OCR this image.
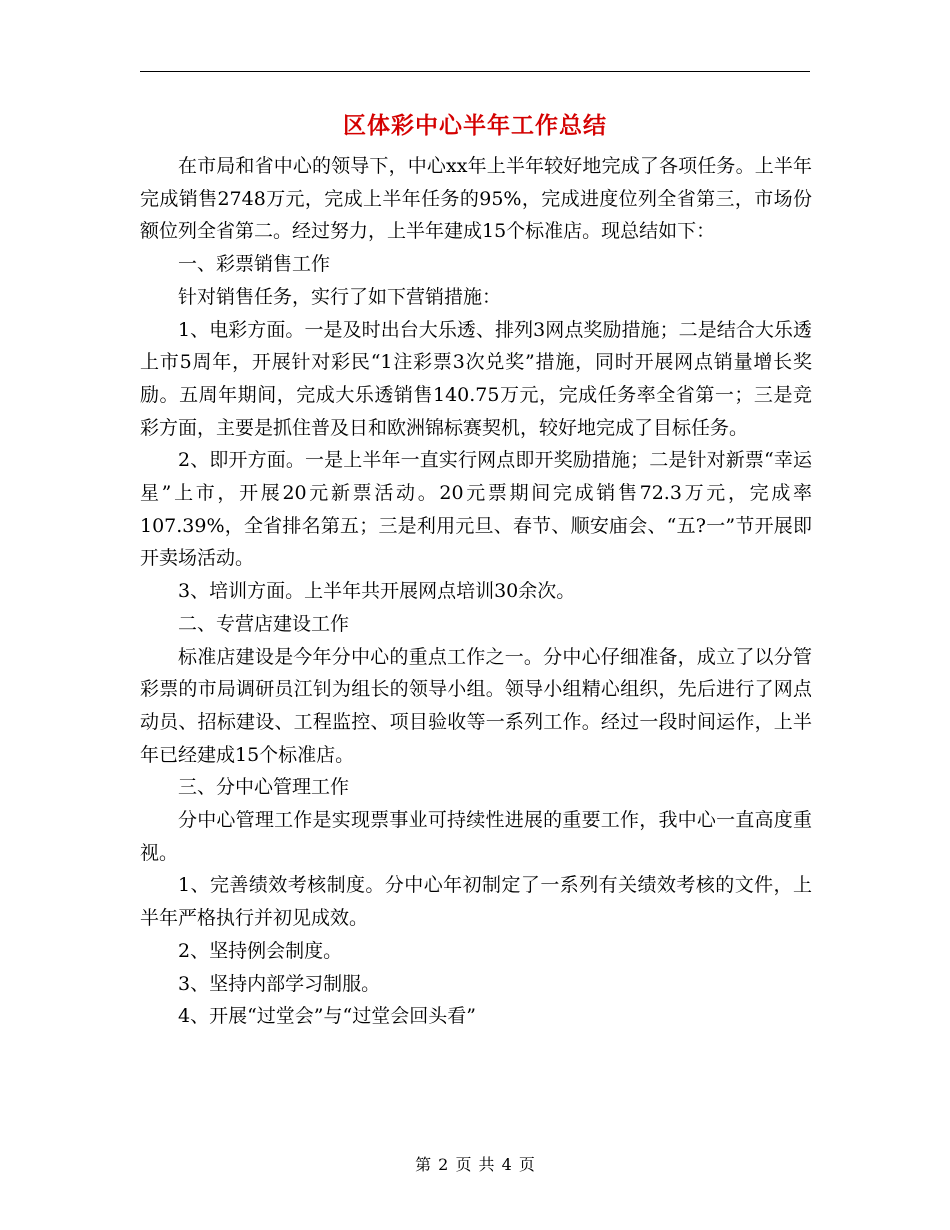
区体彩中心半年工作总结

在市局和省中心的领导下，中心xx年上半年较好地完成了各项任务。上半年完成销售2748万元，完成上半年任务的95%，完成进度位列全省第三，市场份额位列全省第二。经过努力，上半年建成15个标准店。现总结如下：

一、彩票销售工作

针对销售任务，实行了如下营销措施：

1、电彩方面。一是及时出台大乐透、排列3网点奖励措施；二是结合大乐透上市5周年，开展针对彩民“1注彩票3次兑奖”措施，同时开展网点销量增长奖励。五周年期间，完成大乐透销售140.75万元，完成任务率全省第一；三是竞彩方面，主要是抓住普及日和欧洲锦标赛契机，较好地完成了目标任务。

2、即开方面。一是上半年一直实行网点即开奖励措施；二是针对新票“幸运星”上市，开展20元新票活动。20元票期间完成销售72.3万元，完成率107.39%，全省排名第五；三是利用元旦、春节、顺安庙会、“五?一”节开展即开卖场活动。

3、培训方面。上半年共开展网点培训30余次。

二、专营店建设工作

标准店建设是今年分中心的重点工作之一。分中心仔细准备，成立了以分管彩票的市局调研员江钊为组长的领导小组。领导小组精心组织，先后进行了网点动员、招标建设、工程监控、项目验收等一系列工作。经过一段时间运作，上半年已经建成15个标准店。

三、分中心管理工作

分中心管理工作是实现票事业可持续性进展的重要工作，我中心一直高度重视。

1、完善绩效考核制度。分中心年初制定了一系列有关绩效考核的文件，上半年严格执行并初见成效。

2、坚持例会制度。

3、坚持内部学习制服。

4、开展“过堂会”与“过堂会回头看”

第 2 页 共 4 页
